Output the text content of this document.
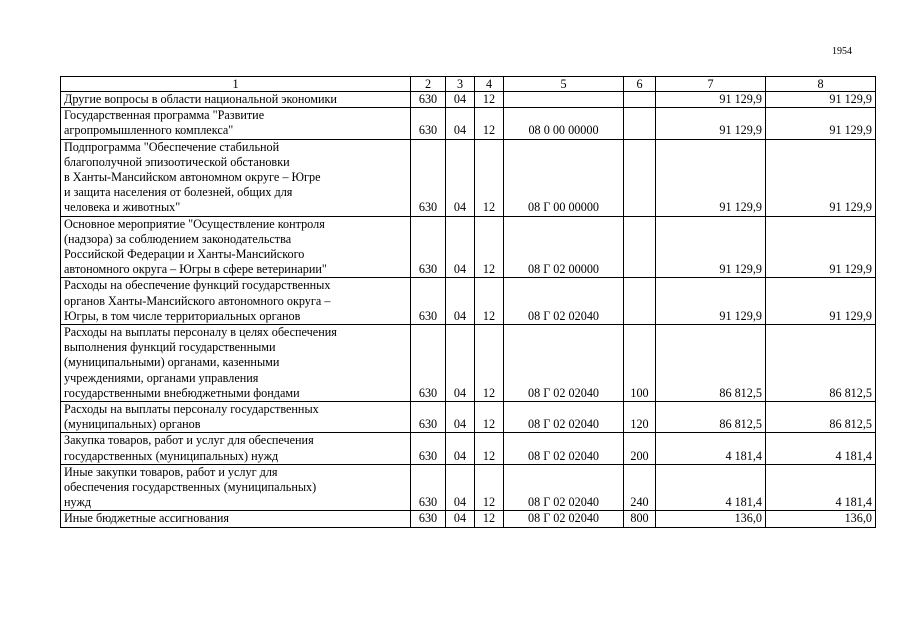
1954
1	2	3	4	5	6	7	8

Другие вопросы в области национальной экономики	630	04	12			91 129,9	91 129,9

Государственная программа "Развитие
агропромышленного комплекса"	630	04	12	08 0 00 00000		91 129,9	91 129,9

Подпрограмма "Обеспечение стабильной
благополучной эпизоотической обстановки
в Ханты-Мансийском автономном округе – Югре
и защита населения от болезней, общих для
человека и животных"	630	04	12	08 Г 00 00000		91 129,9	91 129,9

Основное мероприятие "Осуществление контроля
(надзора) за соблюдением законодательства
Российской Федерации и Ханты-Мансийского
автономного округа – Югры в сфере ветеринарии"	630	04	12	08 Г 02 00000		91 129,9	91 129,9

Расходы на обеспечение функций государственных
органов Ханты-Мансийского автономного округа –
Югры, в том числе территориальных органов	630	04	12	08 Г 02 02040		91 129,9	91 129,9

Расходы на выплаты персоналу в целях обеспечения
выполнения функций государственными
(муниципальными) органами, казенными
учреждениями, органами управления
государственными внебюджетными фондами	630	04	12	08 Г 02 02040	100	86 812,5	86 812,5

Расходы на выплаты персоналу государственных
(муниципальных) органов	630	04	12	08 Г 02 02040	120	86 812,5	86 812,5

Закупка товаров, работ и услуг для обеспечения
государственных (муниципальных) нужд	630	04	12	08 Г 02 02040	200	4 181,4	4 181,4

Иные закупки товаров, работ и услуг для
обеспечения государственных (муниципальных)
нужд	630	04	12	08 Г 02 02040	240	4 181,4	4 181,4

Иные бюджетные ассигнования	630	04	12	08 Г 02 02040	800	136,0	136,0
